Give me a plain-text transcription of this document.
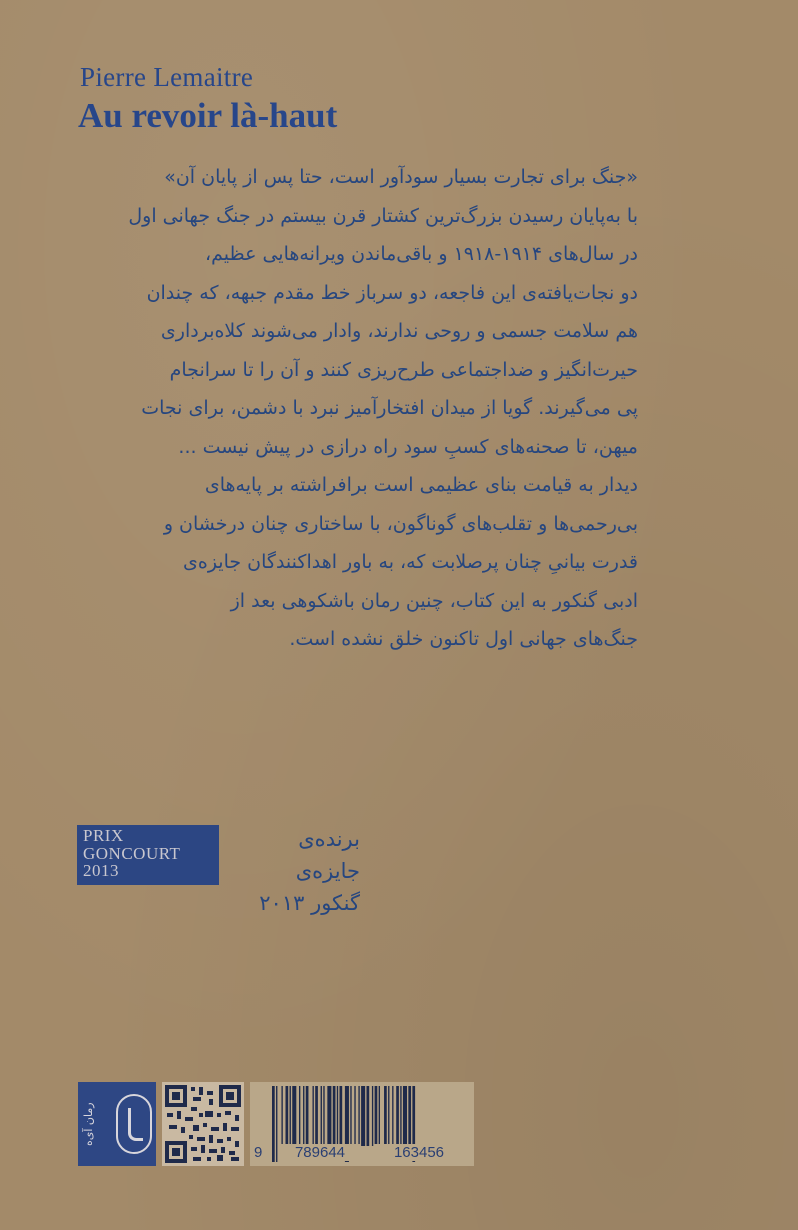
Pierre Lemaitre
Au revoir là-haut

«جنگ برای تجارت بسیار سودآور است، حتا پس از پایان آن»
با به‌پایان رسیدن بزرگ‌ترین کشتار قرن بیستم در جنگ جهانی اول
در سال‌های ۱۹۱۴-۱۹۱۸ و باقی‌ماندن ویرانه‌هایی عظیم،
دو نجات‌یافته‌ی این فاجعه، دو سرباز خط مقدم جبهه، که چندان
هم سلامت جسمی و روحی ندارند، وادار می‌شوند کلاه‌برداری
حیرت‌انگیز و ضداجتماعی طرح‌ریزی کنند و آن را تا سرانجام
پی می‌گیرند. گویا از میدان افتخارآمیز نبرد با دشمن، برای نجات
میهن، تا صحنه‌های کسبِ سود راه درازی در پیش نیست ...
دیدار به قیامت بنای عظیمی است برافراشته بر پایه‌های
بی‌رحمی‌ها و تقلب‌های گوناگون، با ساختاری چنان درخشان و
قدرت بیانیِ چنان پرصلابت که، به باور اهداکنندگان جایزه‌ی
ادبی گنکور به این کتاب، چنین رمان باشکوهی بعد از
جنگ‌های جهانی اول تاکنون خلق نشده است.

PRIX
GONCOURT
2013
برنده‌ی جایزه‌ی
گنکور ۲۰۱۳
رمان آ‌ی‌ه
9	789644	163456
